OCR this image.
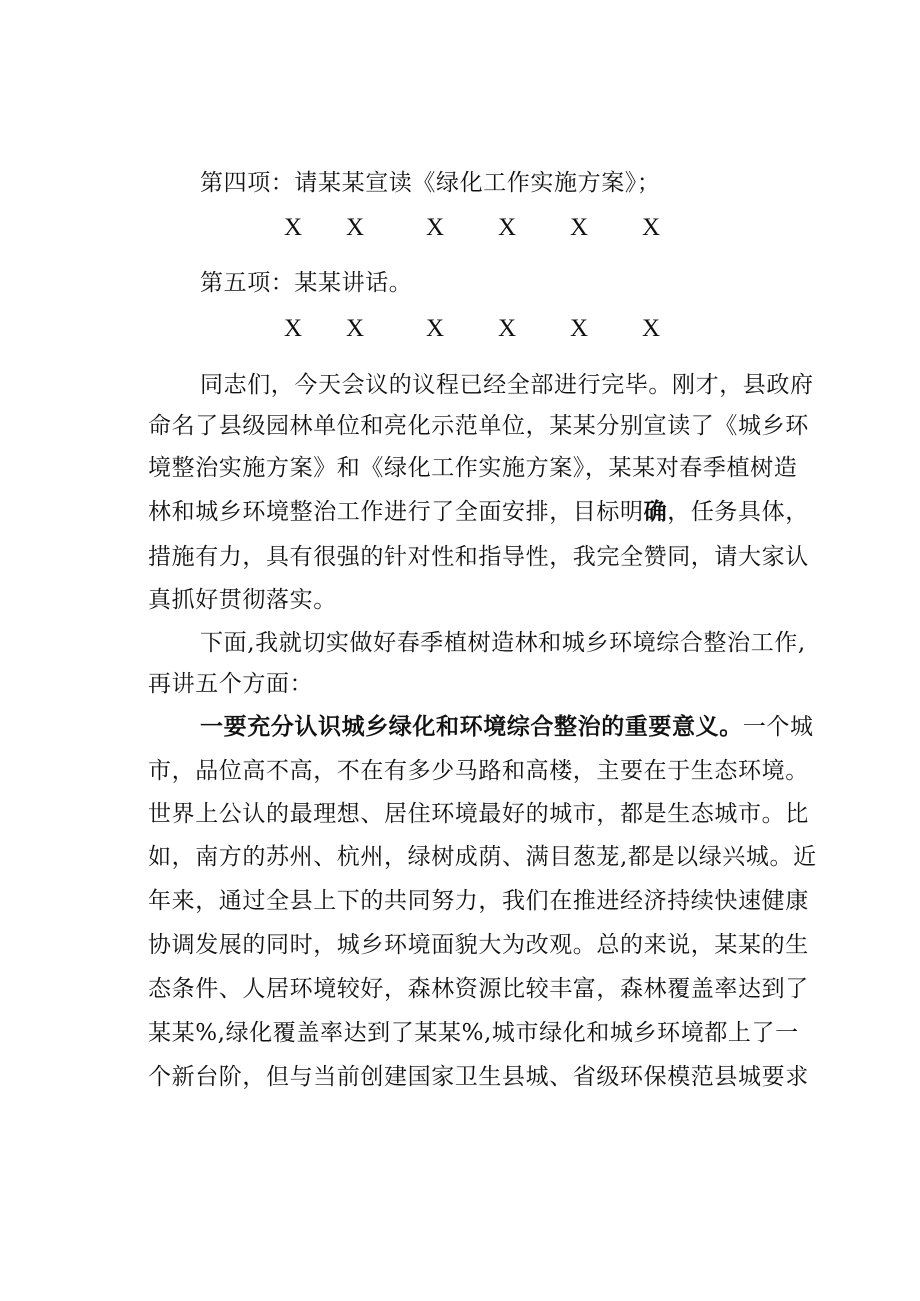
第四项：请某某宣读《绿化工作实施方案》；
X X X X X X
第五项：某某讲话。
X X X X X X
同志们，今天会议的议程已经全部进行完毕。刚才，县政府
命名了县级园林单位和亮化示范单位，某某分别宣读了《城乡环
境整治实施方案》和《绿化工作实施方案》，某某对春季植树造
林和城乡环境整治工作进行了全面安排，目标明确，任务具体，
措施有力，具有很强的针对性和指导性，我完全赞同，请大家认
真抓好贯彻落实。
下面,我就切实做好春季植树造林和城乡环境综合整治工作,
再讲五个方面：
一要充分认识城乡绿化和环境综合整治的重要意义。一个城
市，品位高不高，不在有多少马路和高楼，主要在于生态环境。
世界上公认的最理想、居住环境最好的城市，都是生态城市。比
如，南方的苏州、杭州，绿树成荫、满目葱茏,都是以绿兴城。近
年来，通过全县上下的共同努力，我们在推进经济持续快速健康
协调发展的同时，城乡环境面貌大为改观。总的来说，某某的生
态条件、人居环境较好，森林资源比较丰富，森林覆盖率达到了
某某%,绿化覆盖率达到了某某%,城市绿化和城乡环境都上了一
个新台阶，但与当前创建国家卫生县城、省级环保模范县城要求
